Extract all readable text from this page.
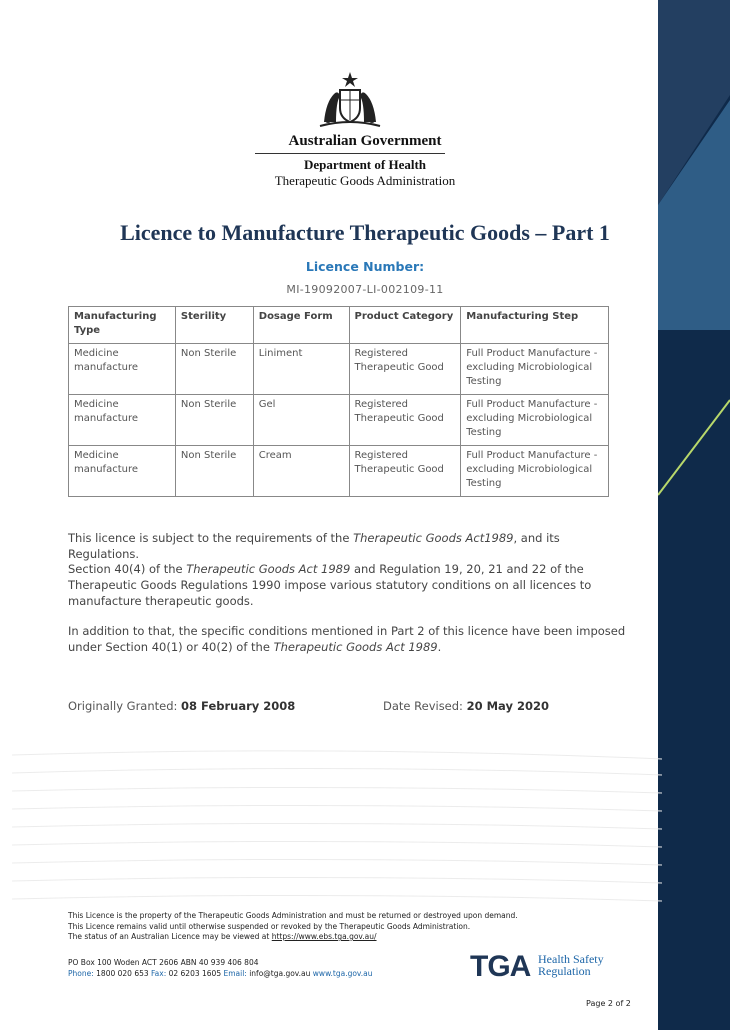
Australian Government
Department of Health
Therapeutic Goods Administration
Licence to Manufacture Therapeutic Goods – Part 1
Licence Number:
MI-19092007-LI-002109-11
Manufacturing Type	Sterility	Dosage Form	Product Category	Manufacturing Step
Medicine manufacture	Non Sterile	Liniment	Registered Therapeutic Good	Full Product Manufacture - excluding Microbiological Testing
Medicine manufacture	Non Sterile	Gel	Registered Therapeutic Good	Full Product Manufacture - excluding Microbiological Testing
Medicine manufacture	Non Sterile	Cream	Registered Therapeutic Good	Full Product Manufacture - excluding Microbiological Testing
This licence is subject to the requirements of the Therapeutic Goods Act1989, and its Regulations.
Section 40(4) of the Therapeutic Goods Act 1989 and Regulation 19, 20, 21 and 22 of the Therapeutic Goods Regulations 1990 impose various statutory conditions on all licences to manufacture therapeutic goods.
In addition to that, the specific conditions mentioned in Part 2 of this licence have been imposed under Section 40(1) or 40(2) of the Therapeutic Goods Act 1989.
Originally Granted: 08 February 2008	Date Revised: 20 May 2020
This Licence is the property of the Therapeutic Goods Administration and must be returned or destroyed upon demand.
This Licence remains valid until otherwise suspended or revoked by the Therapeutic Goods Administration.
The status of an Australian Licence may be viewed at https://www.ebs.tga.gov.au/
PO Box 100 Woden ACT 2606 ABN 40 939 406 804
Phone: 1800 020 653 Fax: 02 6203 1605 Email: info@tga.gov.au www.tga.gov.au	TGA Health Safety
Regulation
Page 2 of 2
